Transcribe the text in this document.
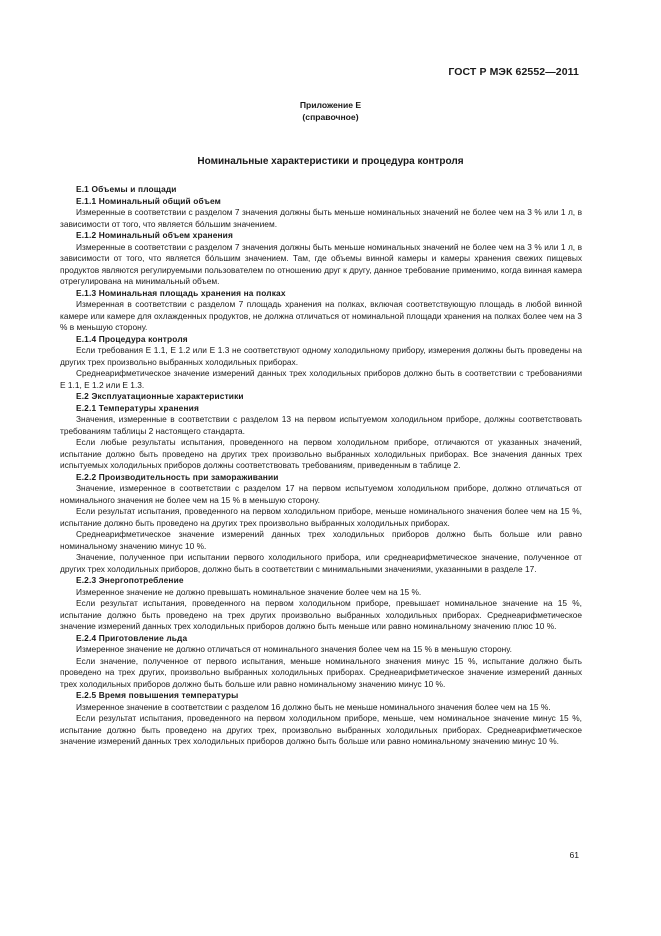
ГОСТ Р МЭК 62552—2011
Приложение Е
(справочное)
Номинальные характеристики и процедура контроля
Е.1 Объемы и площади
Е.1.1 Номинальный общий объем
Измеренные в соответствии с разделом 7 значения должны быть меньше номинальных значений не более чем на 3 % или 1 л, в зависимости от того, что является бóльшим значением.
Е.1.2 Номинальный объем хранения
Измеренные в соответствии с разделом 7 значения должны быть меньше номинальных значений не более чем на 3 % или 1 л, в зависимости от того, что является бóльшим значением. Там, где объемы винной камеры и камеры хранения свежих пищевых продуктов являются регулируемыми пользователем по отношению друг к другу, данное требование применимо, когда винная камера отрегулирована на минимальный объем.
Е.1.3 Номинальная площадь хранения на полках
Измеренная в соответствии с разделом 7 площадь хранения на полках, включая соответствующую площадь в любой винной камере или камере для охлажденных продуктов, не должна отличаться от номинальной площади хранения на полках более чем на 3 % в меньшую сторону.
Е.1.4 Процедура контроля
Если требования Е 1.1, Е 1.2 или Е 1.3 не соответствуют одному холодильному прибору, измерения должны быть проведены на других трех произвольно выбранных холодильных приборах.
Среднеарифметическое значение измерений данных трех холодильных приборов должно быть в соответствии с требованиями Е 1.1, Е 1.2 или Е 1.3.
Е.2 Эксплуатационные характеристики
Е.2.1 Температуры хранения
Значения, измеренные в соответствии с разделом 13 на первом испытуемом холодильном приборе, должны соответствовать требованиям таблицы 2 настоящего стандарта.
Если любые результаты испытания, проведенного на первом холодильном приборе, отличаются от указанных значений, испытание должно быть проведено на других трех произвольно выбранных холодильных приборах. Все значения данных трех испытуемых холодильных приборов должны соответствовать требованиям, приведенным в таблице 2.
Е.2.2 Производительность при замораживании
Значение, измеренное в соответствии с разделом 17 на первом испытуемом холодильном приборе, должно отличаться от номинального значения не более чем на 15 % в меньшую сторону.
Если результат испытания, проведенного на первом холодильном приборе, меньше номинального значения более чем на 15 %, испытание должно быть проведено на других трех произвольно выбранных холодильных приборах.
Среднеарифметическое значение измерений данных трех холодильных приборов должно быть больше или равно номинальному значению минус 10 %.
Значение, полученное при испытании первого холодильного прибора, или среднеарифметическое значение, полученное от других трех холодильных приборов, должно быть в соответствии с минимальными значениями, указанными в разделе 17.
Е.2.3 Энергопотребление
Измеренное значение не должно превышать номинальное значение более чем на 15 %.
Если результат испытания, проведенного на первом холодильном приборе, превышает номинальное значение на 15 %, испытание должно быть проведено на трех других произвольно выбранных холодильных приборах. Среднеарифметическое значение измерений данных трех холодильных приборов должно быть меньше или равно номинальному значению плюс 10 %.
Е.2.4 Приготовление льда
Измеренное значение не должно отличаться от номинального значения более чем на 15 % в меньшую сторону.
Если значение, полученное от первого испытания, меньше номинального значения минус 15 %, испытание должно быть проведено на трех других, произвольно выбранных холодильных приборах. Среднеарифметическое значение измерений данных трех холодильных приборов должно быть больше или равно номинальному значению минус 10 %.
Е.2.5 Время повышения температуры
Измеренное значение в соответствии с разделом 16 должно быть не меньше номинального значения более чем на 15 %.
Если результат испытания, проведенного на первом холодильном приборе, меньше, чем номинальное значение минус 15 %, испытание должно быть проведено на других трех, произвольно выбранных холодильных приборах. Среднеарифметическое значение измерений данных трех холодильных приборов должно быть больше или равно номинальному значению минус 10 %.
61
